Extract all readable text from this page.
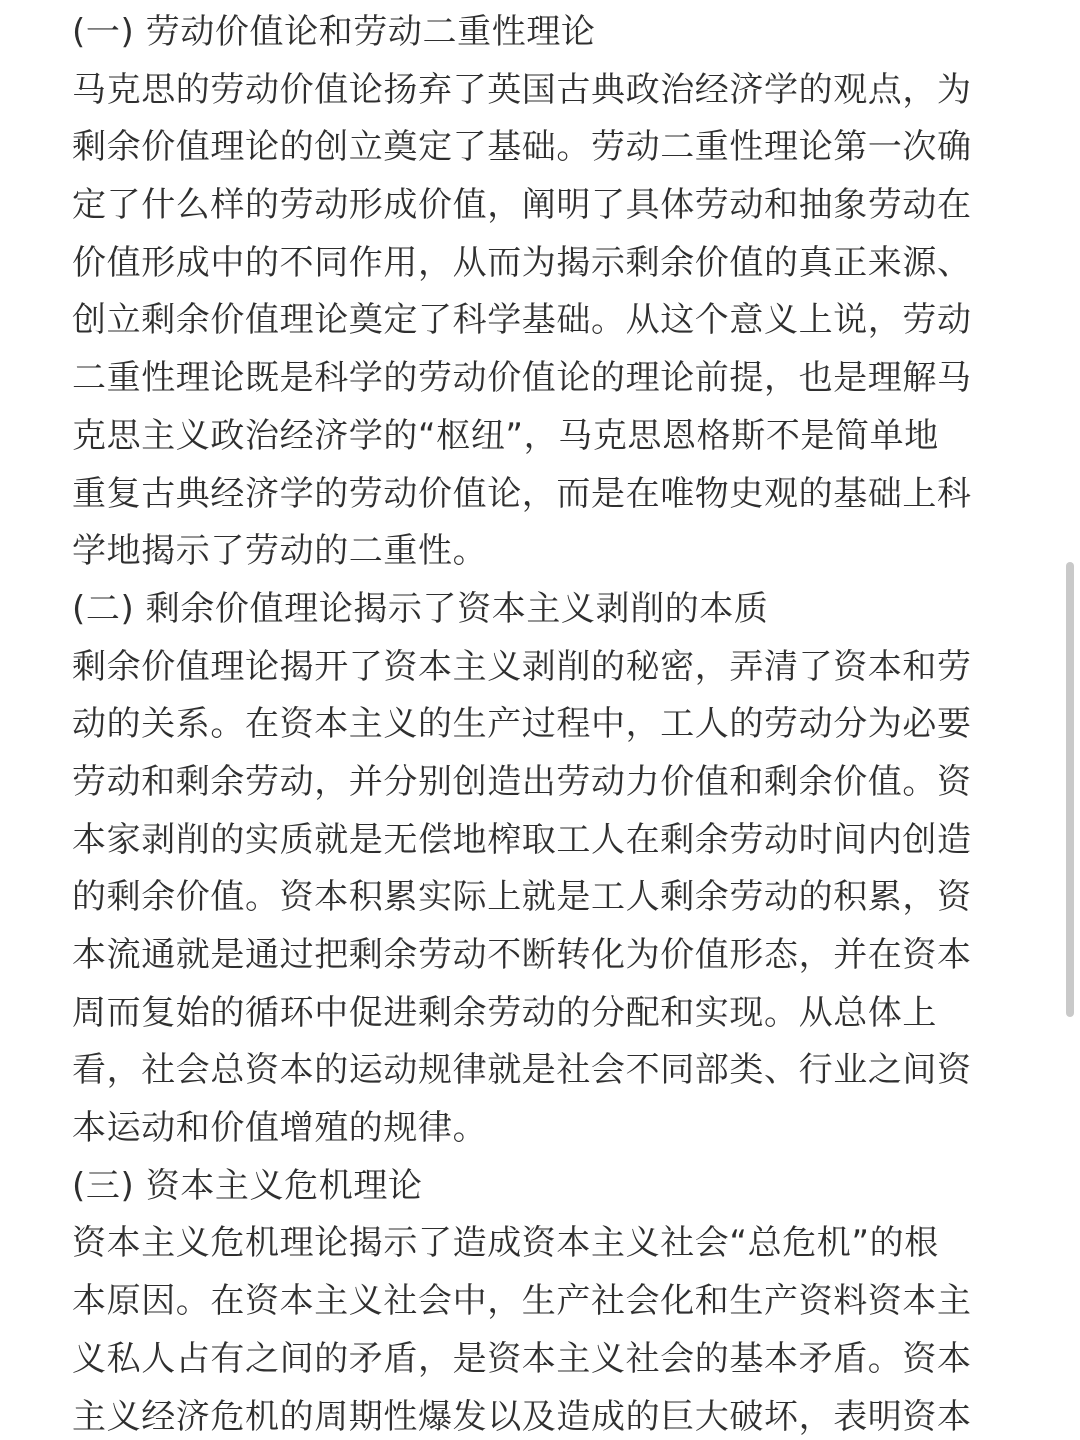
(一) 劳动价值论和劳动二重性理论
马克思的劳动价值论扬弃了英国古典政治经济学的观点，为
剩余价值理论的创立奠定了基础。劳动二重性理论第一次确
定了什么样的劳动形成价值，阐明了具体劳动和抽象劳动在
价值形成中的不同作用，从而为揭示剩余价值的真正来源、
创立剩余价值理论奠定了科学基础。从这个意义上说，劳动
二重性理论既是科学的劳动价值论的理论前提，也是理解马
克思主义政治经济学的“枢纽”，马克思恩格斯不是简单地
重复古典经济学的劳动价值论，而是在唯物史观的基础上科
学地揭示了劳动的二重性。
(二) 剩余价值理论揭示了资本主义剥削的本质
剩余价值理论揭开了资本主义剥削的秘密，弄清了资本和劳
动的关系。在资本主义的生产过程中，工人的劳动分为必要
劳动和剩余劳动，并分别创造出劳动力价值和剩余价值。资
本家剥削的实质就是无偿地榨取工人在剩余劳动时间内创造
的剩余价值。资本积累实际上就是工人剩余劳动的积累，资
本流通就是通过把剩余劳动不断转化为价值形态，并在资本
周而复始的循环中促进剩余劳动的分配和实现。从总体上
看，社会总资本的运动规律就是社会不同部类、行业之间资
本运动和价值增殖的规律。
(三) 资本主义危机理论
资本主义危机理论揭示了造成资本主义社会“总危机”的根
本原因。在资本主义社会中，生产社会化和生产资料资本主
义私人占有之间的矛盾，是资本主义社会的基本矛盾。资本
主义经济危机的周期性爆发以及造成的巨大破坏，表明资本
